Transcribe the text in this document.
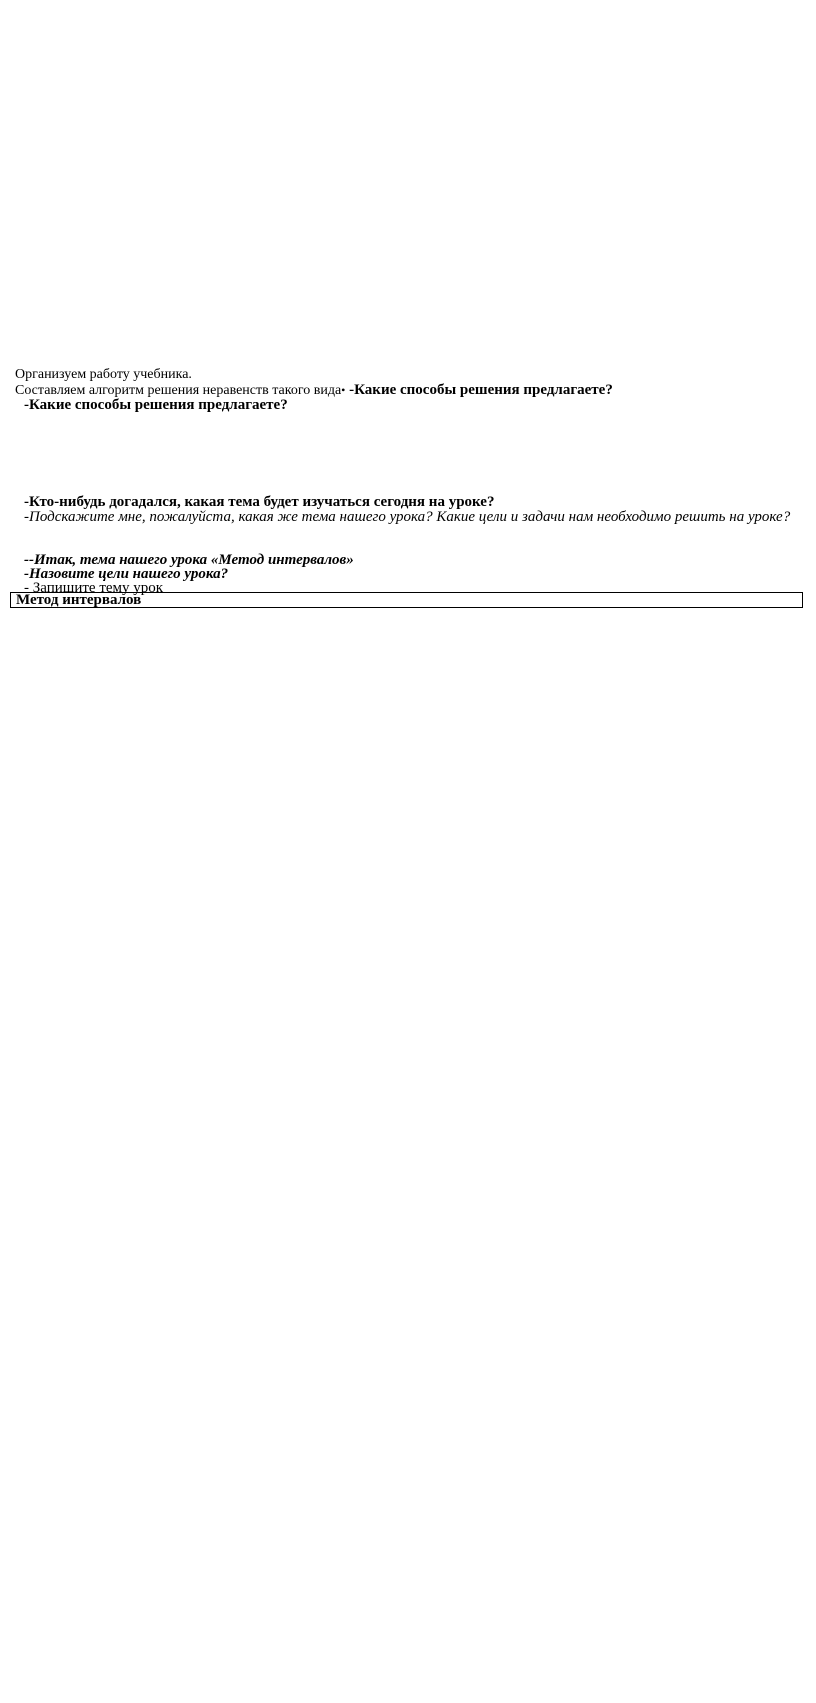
Организуем работу учебника.
Составляем алгоритм решения неравенств такого вида• -Какие способы решения предлагаете?
-Какие способы решения предлагаете?
-Кто-нибудь догадался, какая тема будет изучаться сегодня на уроке?
-Подскажите мне, пожалуйста, какая же тема нашего урока? Какие цели и задачи нам необходимо решить на уроке?
--Итак, тема нашего урока «Метод интервалов»
-Назовите цели нашего урока?
- Запишите тему урок
Метод интервалов
